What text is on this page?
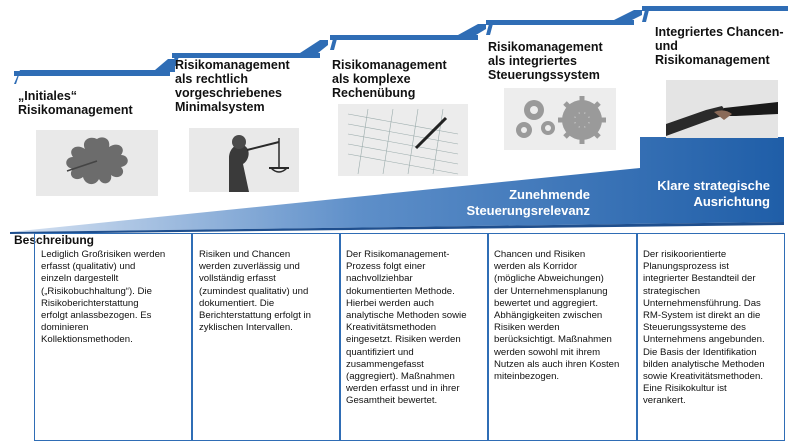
„Initiales“
Risikomanagement
Risikomanagement
als rechtlich
vorgeschriebenes
Minimalsystem
Risikomanagement
als komplexe
Rechenübung
Risikomanagement
als integriertes
Steuerungssystem
Integriertes Chancen-
und
Risikomanagement
Zunehmende
Steuerungsrelevanz
Klare strategische
Ausrichtung
Beschreibung
Lediglich Großrisiken werden
erfasst (qualitativ) und
einzeln dargestellt
(„Risikobuchhaltung“). Die
Risikoberichterstattung
erfolgt anlassbezogen. Es
dominieren
Kollektionsmethoden.
Risiken und Chancen
werden zuverlässig und
vollständig erfasst
(zumindest qualitativ) und
dokumentiert. Die
Berichterstattung erfolgt in
zyklischen Intervallen.
Der Risikomanagement-
Prozess folgt einer
nachvollziehbar
dokumentierten Methode.
Hierbei werden auch
analytische Methoden sowie
Kreativitätsmethoden
eingesetzt. Risiken werden
quantifiziert und
zusammengefasst
(aggregiert). Maßnahmen
werden erfasst und in ihrer
Gesamtheit bewertet.
Chancen und Risiken
werden als Korridor
(mögliche Abweichungen)
der Unternehmensplanung
bewertet und aggregiert.
Abhängigkeiten zwischen
Risiken werden
berücksichtigt. Maßnahmen
werden sowohl mit ihrem
Nutzen als auch ihren Kosten
miteinbezogen.
Der risikoorientierte
Planungsprozess ist
integrierter Bestandteil der
strategischen
Unternehmensführung. Das
RM-System ist direkt an die
Steuerungssysteme des
Unternehmens angebunden.
Die Basis der Identifikation
bilden analytische Methoden
sowie Kreativitätsmethoden.
Eine Risikokultur ist
verankert.
